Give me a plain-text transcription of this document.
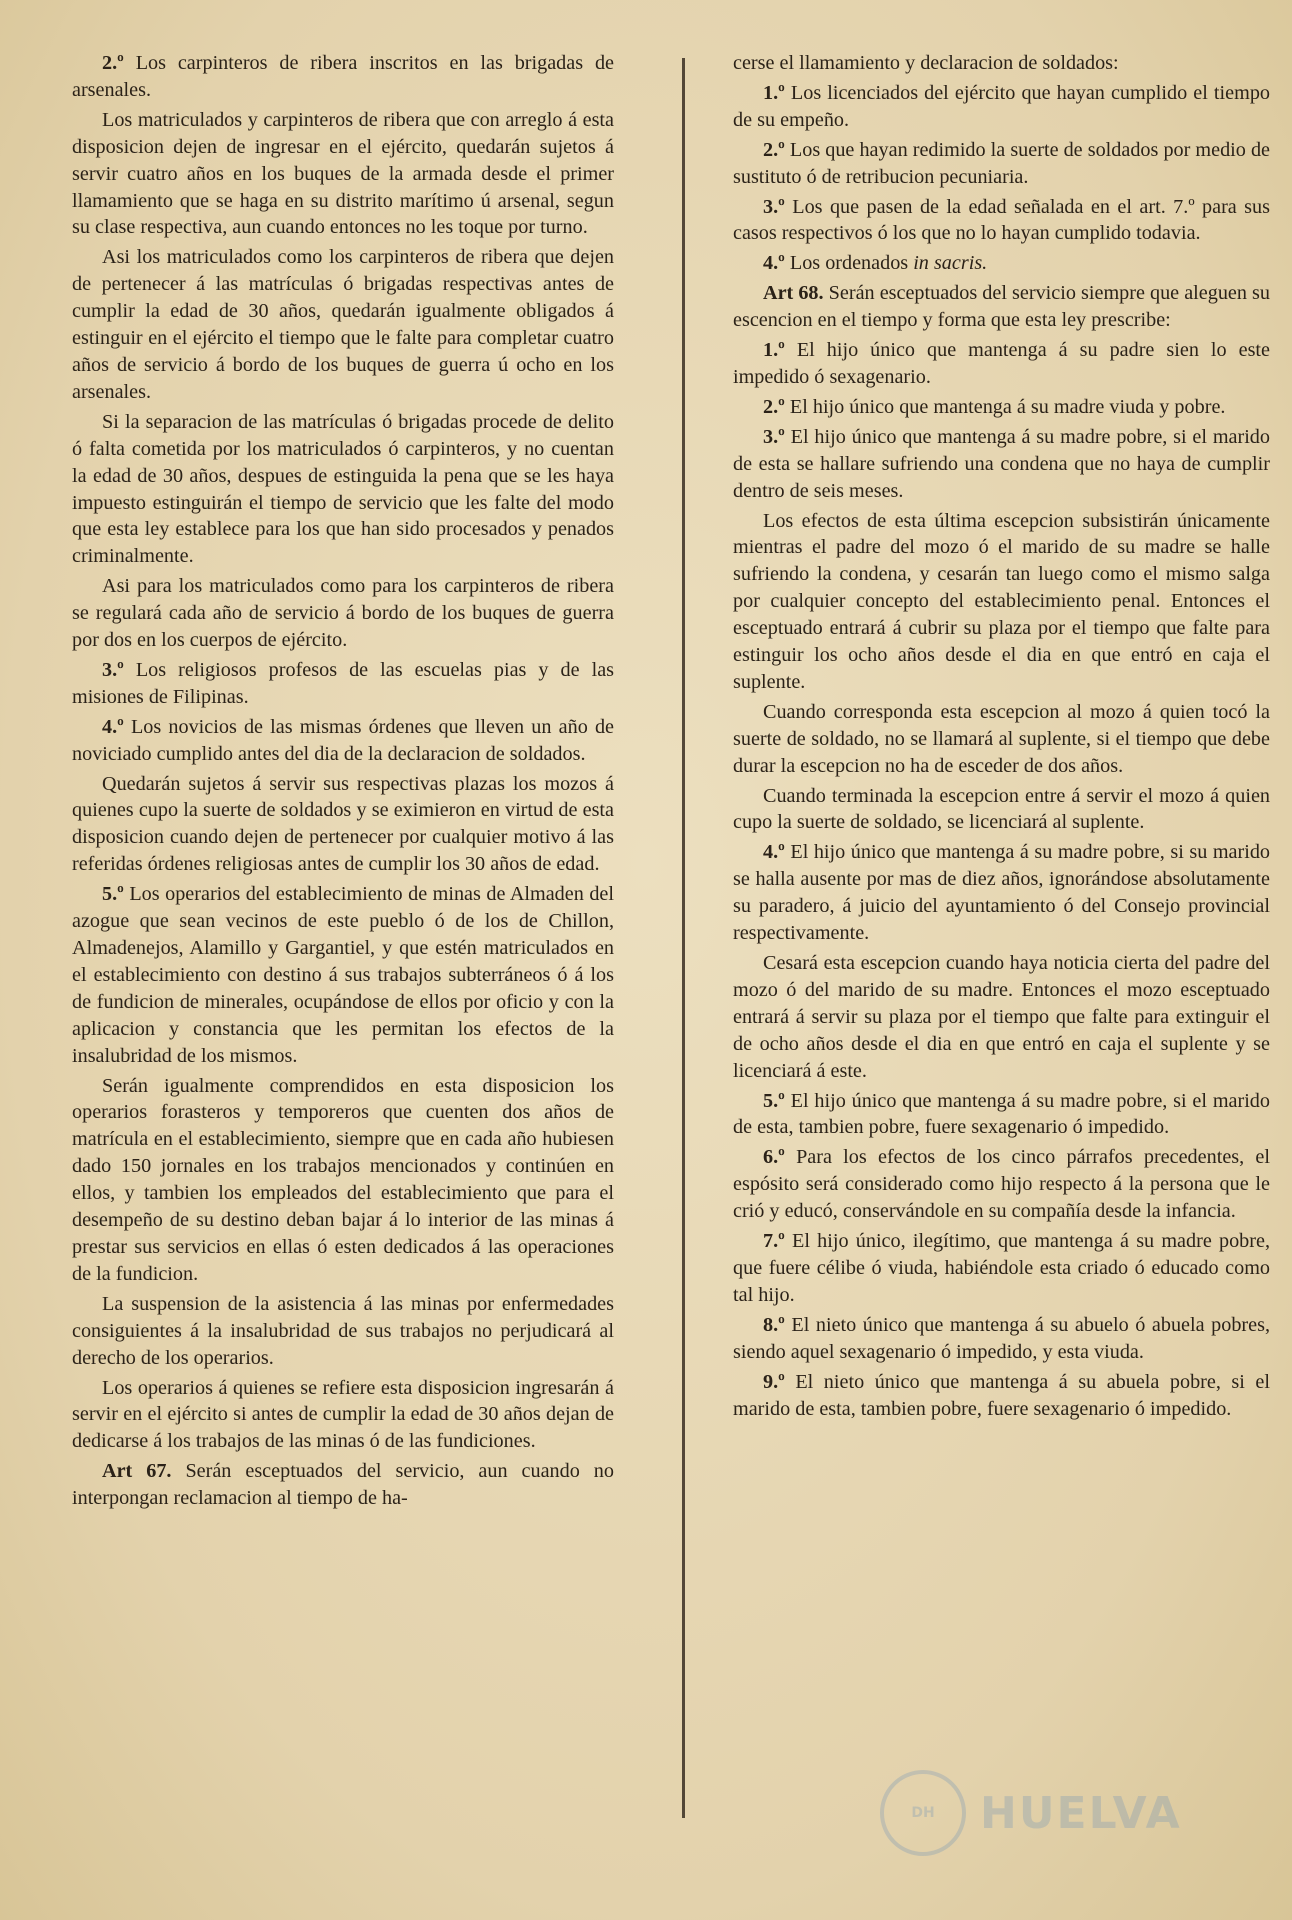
2.º Los carpinteros de ribera inscritos en las brigadas de arsenales.

Los matriculados y carpinteros de ribera que con arreglo á esta disposicion dejen de ingresar en el ejército, quedarán sujetos á servir cuatro años en los buques de la armada desde el primer llamamiento que se haga en su distrito marítimo ú arsenal, segun su clase respectiva, aun cuando entonces no les toque por turno.

Asi los matriculados como los carpinteros de ribera que dejen de pertenecer á las matrículas ó brigadas respectivas antes de cumplir la edad de 30 años, quedarán igualmente obligados á estinguir en el ejército el tiempo que le falte para completar cuatro años de servicio á bordo de los buques de guerra ú ocho en los arsenales.

Si la separacion de las matrículas ó brigadas procede de delito ó falta cometida por los matriculados ó carpinteros, y no cuentan la edad de 30 años, despues de estinguida la pena que se les haya impuesto estinguirán el tiempo de servicio que les falte del modo que esta ley establece para los que han sido procesados y penados criminalmente.

Asi para los matriculados como para los carpinteros de ribera se regulará cada año de servicio á bordo de los buques de guerra por dos en los cuerpos de ejército.

3.º Los religiosos profesos de las escuelas pias y de las misiones de Filipinas.

4.º Los novicios de las mismas órdenes que lleven un año de noviciado cumplido antes del dia de la declaracion de soldados.

Quedarán sujetos á servir sus respectivas plazas los mozos á quienes cupo la suerte de soldados y se eximieron en virtud de esta disposicion cuando dejen de pertenecer por cualquier motivo á las referidas órdenes religiosas antes de cumplir los 30 años de edad.

5.º Los operarios del establecimiento de minas de Almaden del azogue que sean vecinos de este pueblo ó de los de Chillon, Almadenejos, Alamillo y Gargantiel, y que estén matriculados en el establecimiento con destino á sus trabajos subterráneos ó á los de fundicion de minerales, ocupándose de ellos por oficio y con la aplicacion y constancia que les permitan los efectos de la insalubridad de los mismos.

Serán igualmente comprendidos en esta disposicion los operarios forasteros y temporeros que cuenten dos años de matrícula en el establecimiento, siempre que en cada año hubiesen dado 150 jornales en los trabajos mencionados y continúen en ellos, y tambien los empleados del establecimiento que para el desempeño de su destino deban bajar á lo interior de las minas á prestar sus servicios en ellas ó esten dedicados á las operaciones de la fundicion.

La suspension de la asistencia á las minas por enfermedades consiguientes á la insalubridad de sus trabajos no perjudicará al derecho de los operarios.

Los operarios á quienes se refiere esta disposicion ingresarán á servir en el ejército si antes de cumplir la edad de 30 años dejan de dedicarse á los trabajos de las minas ó de las fundiciones.

Art 67. Serán esceptuados del servicio, aun cuando no interpongan reclamacion al tiempo de ha-

cerse el llamamiento y declaracion de soldados:

1.º Los licenciados del ejército que hayan cumplido el tiempo de su empeño.

2.º Los que hayan redimido la suerte de soldados por medio de sustituto ó de retribucion pecuniaria.

3.º Los que pasen de la edad señalada en el art. 7.º para sus casos respectivos ó los que no lo hayan cumplido todavia.

4.º Los ordenados in sacris.

Art 68. Serán esceptuados del servicio siempre que aleguen su escencion en el tiempo y forma que esta ley prescribe:

1.º El hijo único que mantenga á su padre sien lo este impedido ó sexagenario.

2.º El hijo único que mantenga á su madre viuda y pobre.

3.º El hijo único que mantenga á su madre pobre, si el marido de esta se hallare sufriendo una condena que no haya de cumplir dentro de seis meses.

Los efectos de esta última escepcion subsistirán únicamente mientras el padre del mozo ó el marido de su madre se halle sufriendo la condena, y cesarán tan luego como el mismo salga por cualquier concepto del establecimiento penal. Entonces el esceptuado entrará á cubrir su plaza por el tiempo que falte para estinguir los ocho años desde el dia en que entró en caja el suplente.

Cuando corresponda esta escepcion al mozo á quien tocó la suerte de soldado, no se llamará al suplente, si el tiempo que debe durar la escepcion no ha de esceder de dos años.

Cuando terminada la escepcion entre á servir el mozo á quien cupo la suerte de soldado, se licenciará al suplente.

4.º El hijo único que mantenga á su madre pobre, si su marido se halla ausente por mas de diez años, ignorándose absolutamente su paradero, á juicio del ayuntamiento ó del Consejo provincial respectivamente.

Cesará esta escepcion cuando haya noticia cierta del padre del mozo ó del marido de su madre. Entonces el mozo esceptuado entrará á servir su plaza por el tiempo que falte para extinguir el de ocho años desde el dia en que entró en caja el suplente y se licenciará á este.

5.º El hijo único que mantenga á su madre pobre, si el marido de esta, tambien pobre, fuere sexagenario ó impedido.

6.º Para los efectos de los cinco párrafos precedentes, el espósito será considerado como hijo respecto á la persona que le crió y educó, conservándole en su compañía desde la infancia.

7.º El hijo único, ilegítimo, que mantenga á su madre pobre, que fuere célibe ó viuda, habiéndole esta criado ó educado como tal hijo.

8.º El nieto único que mantenga á su abuelo ó abuela pobres, siendo aquel sexagenario ó impedido, y esta viuda.

9.º El nieto único que mantenga á su abuela pobre, si el marido de esta, tambien pobre, fuere sexagenario ó impedido.

DH	HUELVA
